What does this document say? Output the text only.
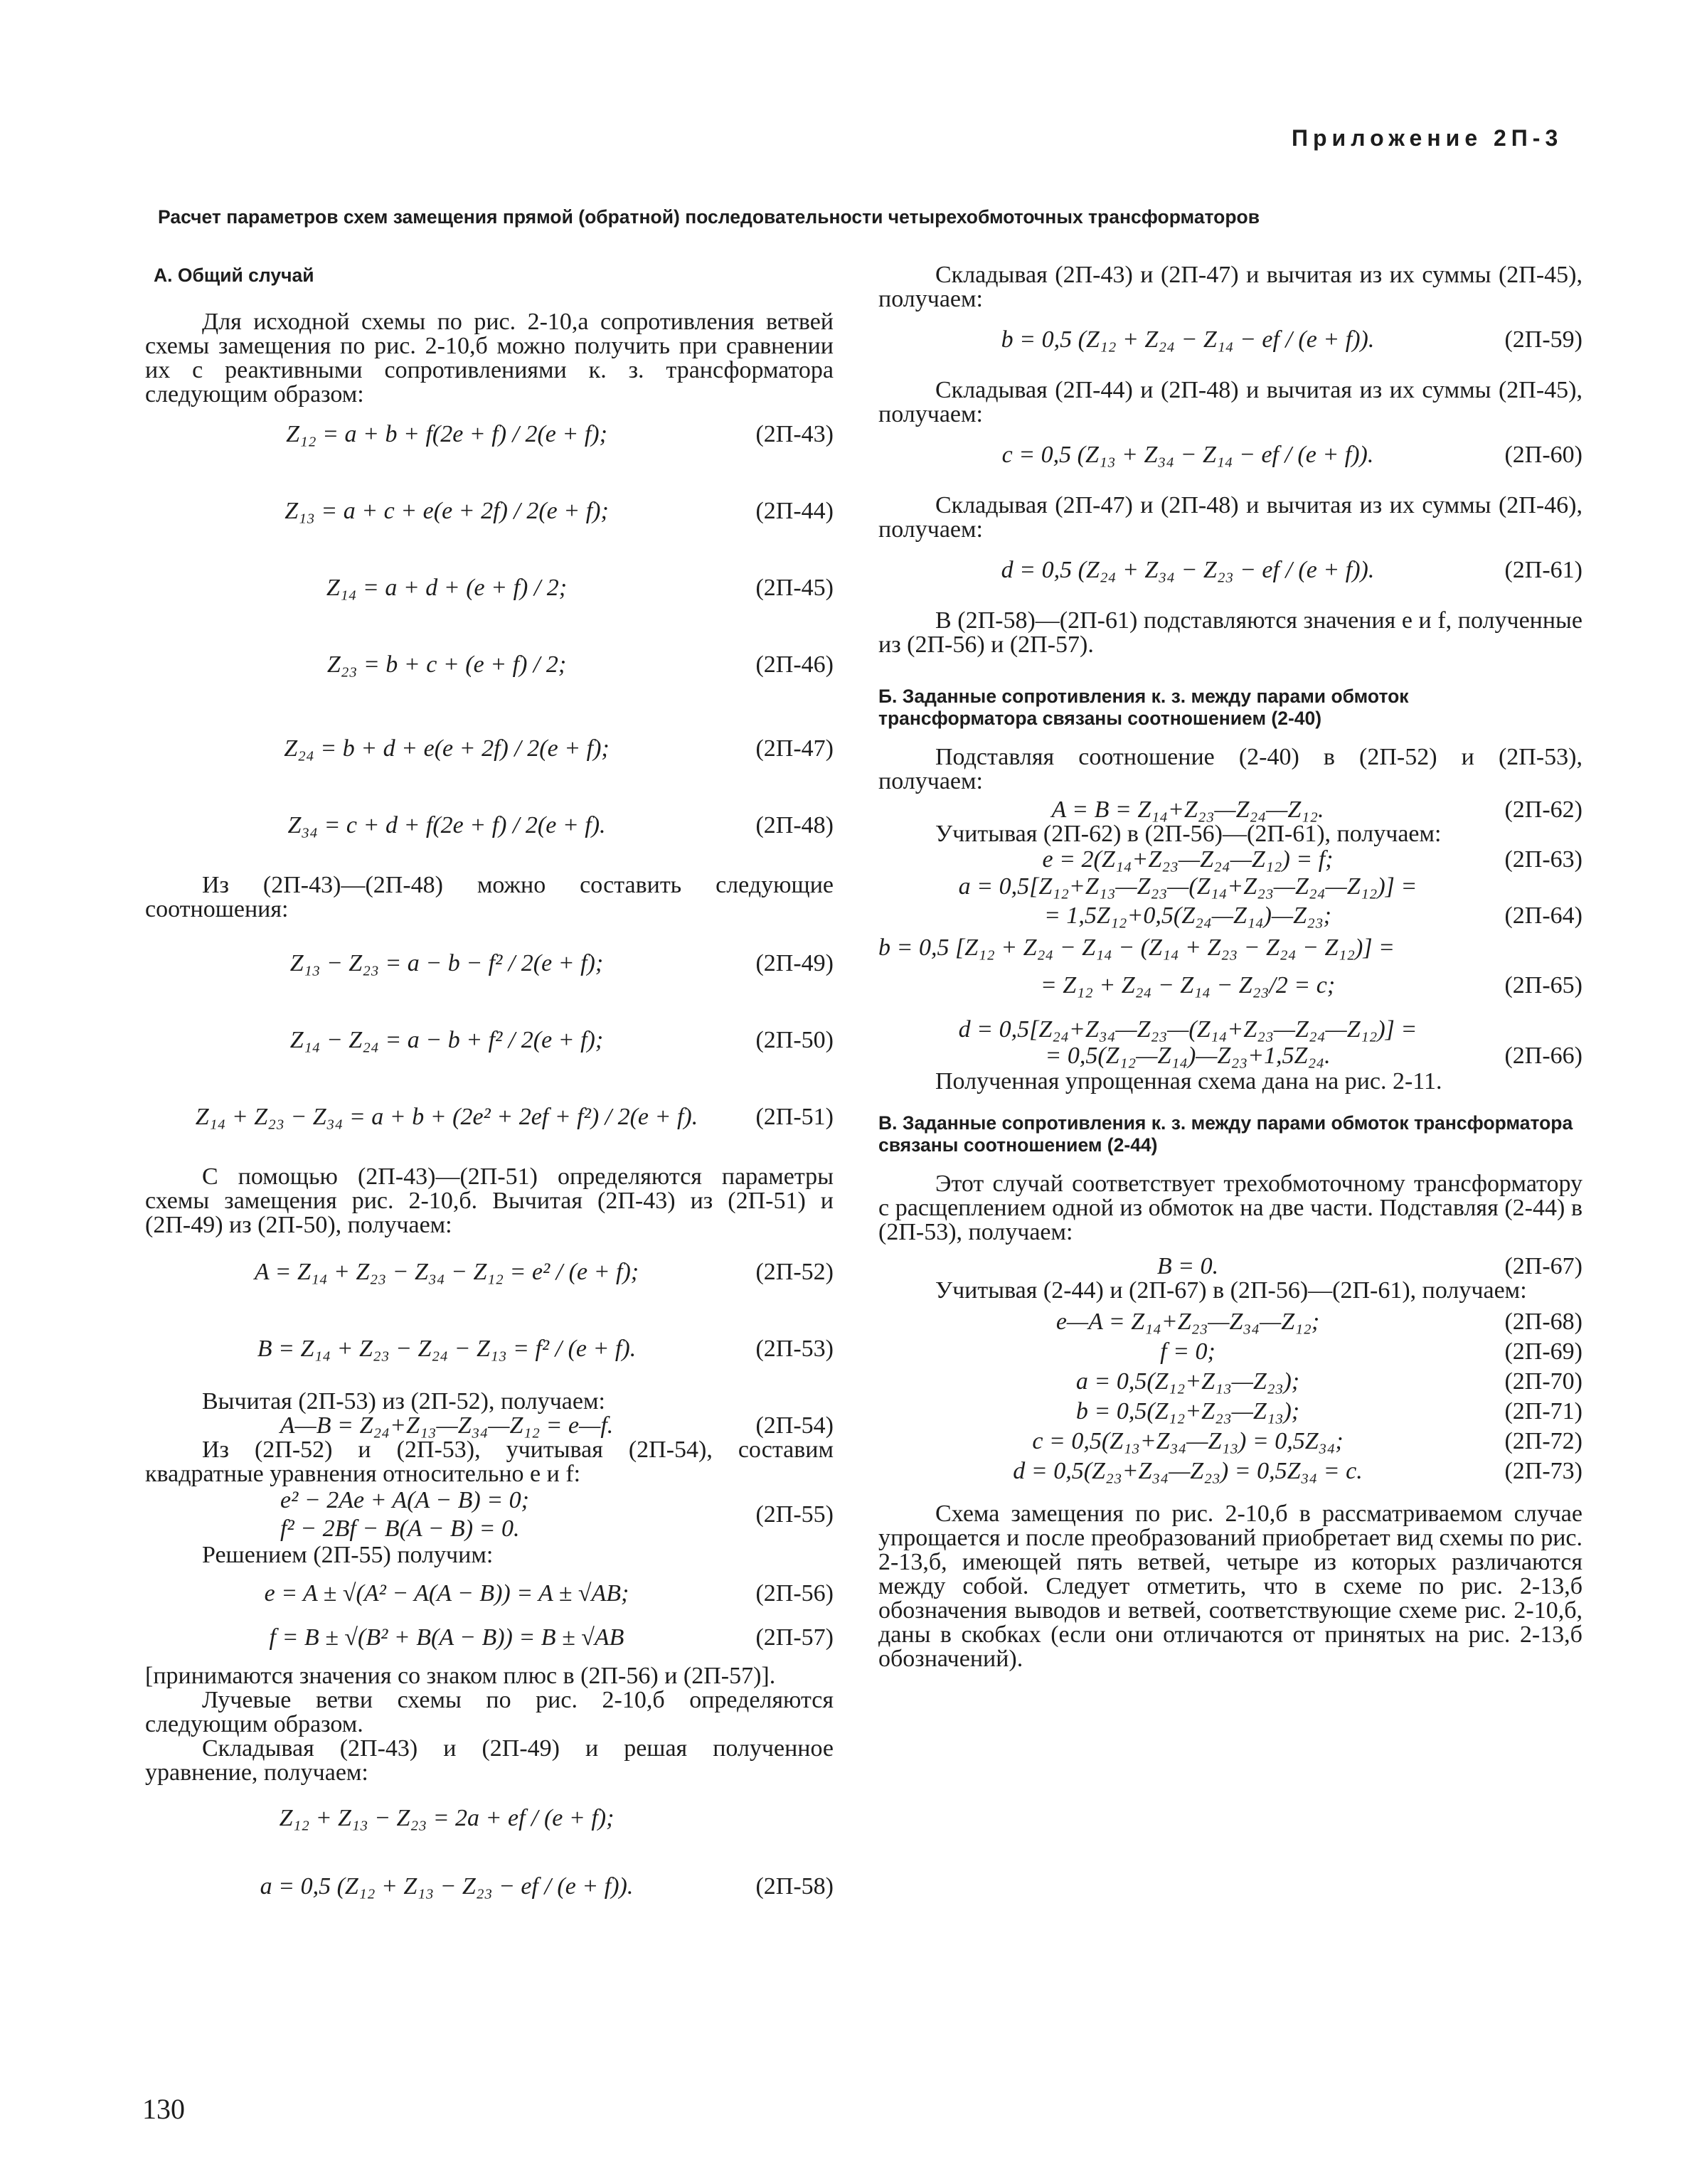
Приложение 2П-3
Расчет параметров схем замещения прямой (обратной) последовательности четырехобмоточных трансформаторов
А. Общий случай

Для исходной схемы по рис. 2-10,а сопротивления ветвей схемы замещения по рис. 2-10,б можно получить при сравнении их с реактивными сопротивлениями к. з. трансформатора следующим образом:

Z₁₂ = a + b + f(2e + f) / 2(e + f);	(2П-43)
Z₁₃ = a + c + e(e + 2f) / 2(e + f);	(2П-44)
Z₁₄ = a + d + (e + f) / 2;	(2П-45)
Z₂₃ = b + c + (e + f) / 2;	(2П-46)
Z₂₄ = b + d + e(e + 2f) / 2(e + f);	(2П-47)
Z₃₄ = c + d + f(2e + f) / 2(e + f).	(2П-48)

Из (2П-43)—(2П-48) можно составить следующие соотношения:

Z₁₃ − Z₂₃ = a − b − f² / 2(e + f);	(2П-49)
Z₁₄ − Z₂₄ = a − b + f² / 2(e + f);	(2П-50)
Z₁₄ + Z₂₃ − Z₃₄ = a + b + (2e² + 2ef + f²) / 2(e + f).	(2П-51)

С помощью (2П-43)—(2П-51) определяются параметры схемы замещения рис. 2-10,б. Вычитая (2П-43) из (2П-51) и (2П-49) из (2П-50), получаем:

A = Z₁₄ + Z₂₃ − Z₃₄ − Z₁₂ = e² / (e + f);	(2П-52)
B = Z₁₄ + Z₂₃ − Z₂₄ − Z₁₃ = f² / (e + f).	(2П-53)

Вычитая (2П-53) из (2П-52), получаем:

A—B = Z₂₄+Z₁₃—Z₃₄—Z₁₂ = e—f.	(2П-54)

Из (2П-52) и (2П-53), учитывая (2П-54), составим квадратные уравнения относительно e и f:

e² − 2Ae + A(A − B) = 0;
f² − 2Bf − B(A − B) = 0.
(2П-55)

Решением (2П-55) получим:

e = A ± √(A² − A(A − B)) = A ± √AB;	(2П-56)
f = B ± √(B² + B(A − B)) = B ± √AB	(2П-57)

[принимаются значения со знаком плюс в (2П-56) и (2П-57)].

Лучевые ветви схемы по рис. 2-10,б определяются следующим образом.

Складывая (2П-43) и (2П-49) и решая полученное уравнение, получаем:

Z₁₂ + Z₁₃ − Z₂₃ = 2a + ef / (e + f);
a = 0,5 (Z₁₂ + Z₁₃ − Z₂₃ − ef / (e + f)).	(2П-58)

Складывая (2П-43) и (2П-47) и вычитая из их суммы (2П-45), получаем:

b = 0,5 (Z₁₂ + Z₂₄ − Z₁₄ − ef / (e + f)).	(2П-59)

Складывая (2П-44) и (2П-48) и вычитая из их суммы (2П-45), получаем:

c = 0,5 (Z₁₃ + Z₃₄ − Z₁₄ − ef / (e + f)).	(2П-60)

Складывая (2П-47) и (2П-48) и вычитая из их суммы (2П-46), получаем:

d = 0,5 (Z₂₄ + Z₃₄ − Z₂₃ − ef / (e + f)).	(2П-61)

В (2П-58)—(2П-61) подставляются значения e и f, полученные из (2П-56) и (2П-57).

Б. Заданные сопротивления к. з. между парами обмоток трансформатора связаны соотношением (2-40)

Подставляя соотношение (2-40) в (2П-52) и (2П-53), получаем:

A = B = Z₁₄+Z₂₃—Z₂₄—Z₁₂.	(2П-62)

Учитывая (2П-62) в (2П-56)—(2П-61), получаем:

e = 2(Z₁₄+Z₂₃—Z₂₄—Z₁₂) = f;	(2П-63)
a = 0,5[Z₁₂+Z₁₃—Z₂₃—(Z₁₄+Z₂₃—Z₂₄—Z₁₂)] =
= 1,5Z₁₂+0,5(Z₂₄—Z₁₄)—Z₂₃;	(2П-64)
b = 0,5 [Z₁₂ + Z₂₄ − Z₁₄ − (Z₁₄ + Z₂₃ − Z₂₄ − Z₁₂)] =
= Z₁₂ + Z₂₄ − Z₁₄ − Z₂₃/2 = c;	(2П-65)
d = 0,5[Z₂₄+Z₃₄—Z₂₃—(Z₁₄+Z₂₃—Z₂₄—Z₁₂)] =
= 0,5(Z₁₂—Z₁₄)—Z₂₃+1,5Z₂₄.	(2П-66)

Полученная упрощенная схема дана на рис. 2-11.

В. Заданные сопротивления к. з. между парами обмоток трансформатора связаны соотношением (2-44)

Этот случай соответствует трехобмоточному трансформатору с расщеплением одной из обмоток на две части. Подставляя (2-44) в (2П-53), получаем:

B = 0.	(2П-67)

Учитывая (2-44) и (2П-67) в (2П-56)—(2П-61), получаем:

e—A = Z₁₄+Z₂₃—Z₃₄—Z₁₂;	(2П-68)
f = 0;	(2П-69)
a = 0,5(Z₁₂+Z₁₃—Z₂₃);	(2П-70)
b = 0,5(Z₁₂+Z₂₃—Z₁₃);	(2П-71)
c = 0,5(Z₁₃+Z₃₄—Z₁₃) = 0,5Z₃₄;	(2П-72)
d = 0,5(Z₂₃+Z₃₄—Z₂₃) = 0,5Z₃₄ = c.	(2П-73)

Схема замещения по рис. 2-10,б в рассматриваемом случае упрощается и после преобразований приобретает вид схемы по рис. 2-13,б, имеющей пять ветвей, четыре из которых различаются между собой. Следует отметить, что в схеме по рис. 2-13,б обозначения выводов и ветвей, соответствующие схеме рис. 2-10,б, даны в скобках (если они отличаются от принятых на рис. 2-13,б обозначений).

130
